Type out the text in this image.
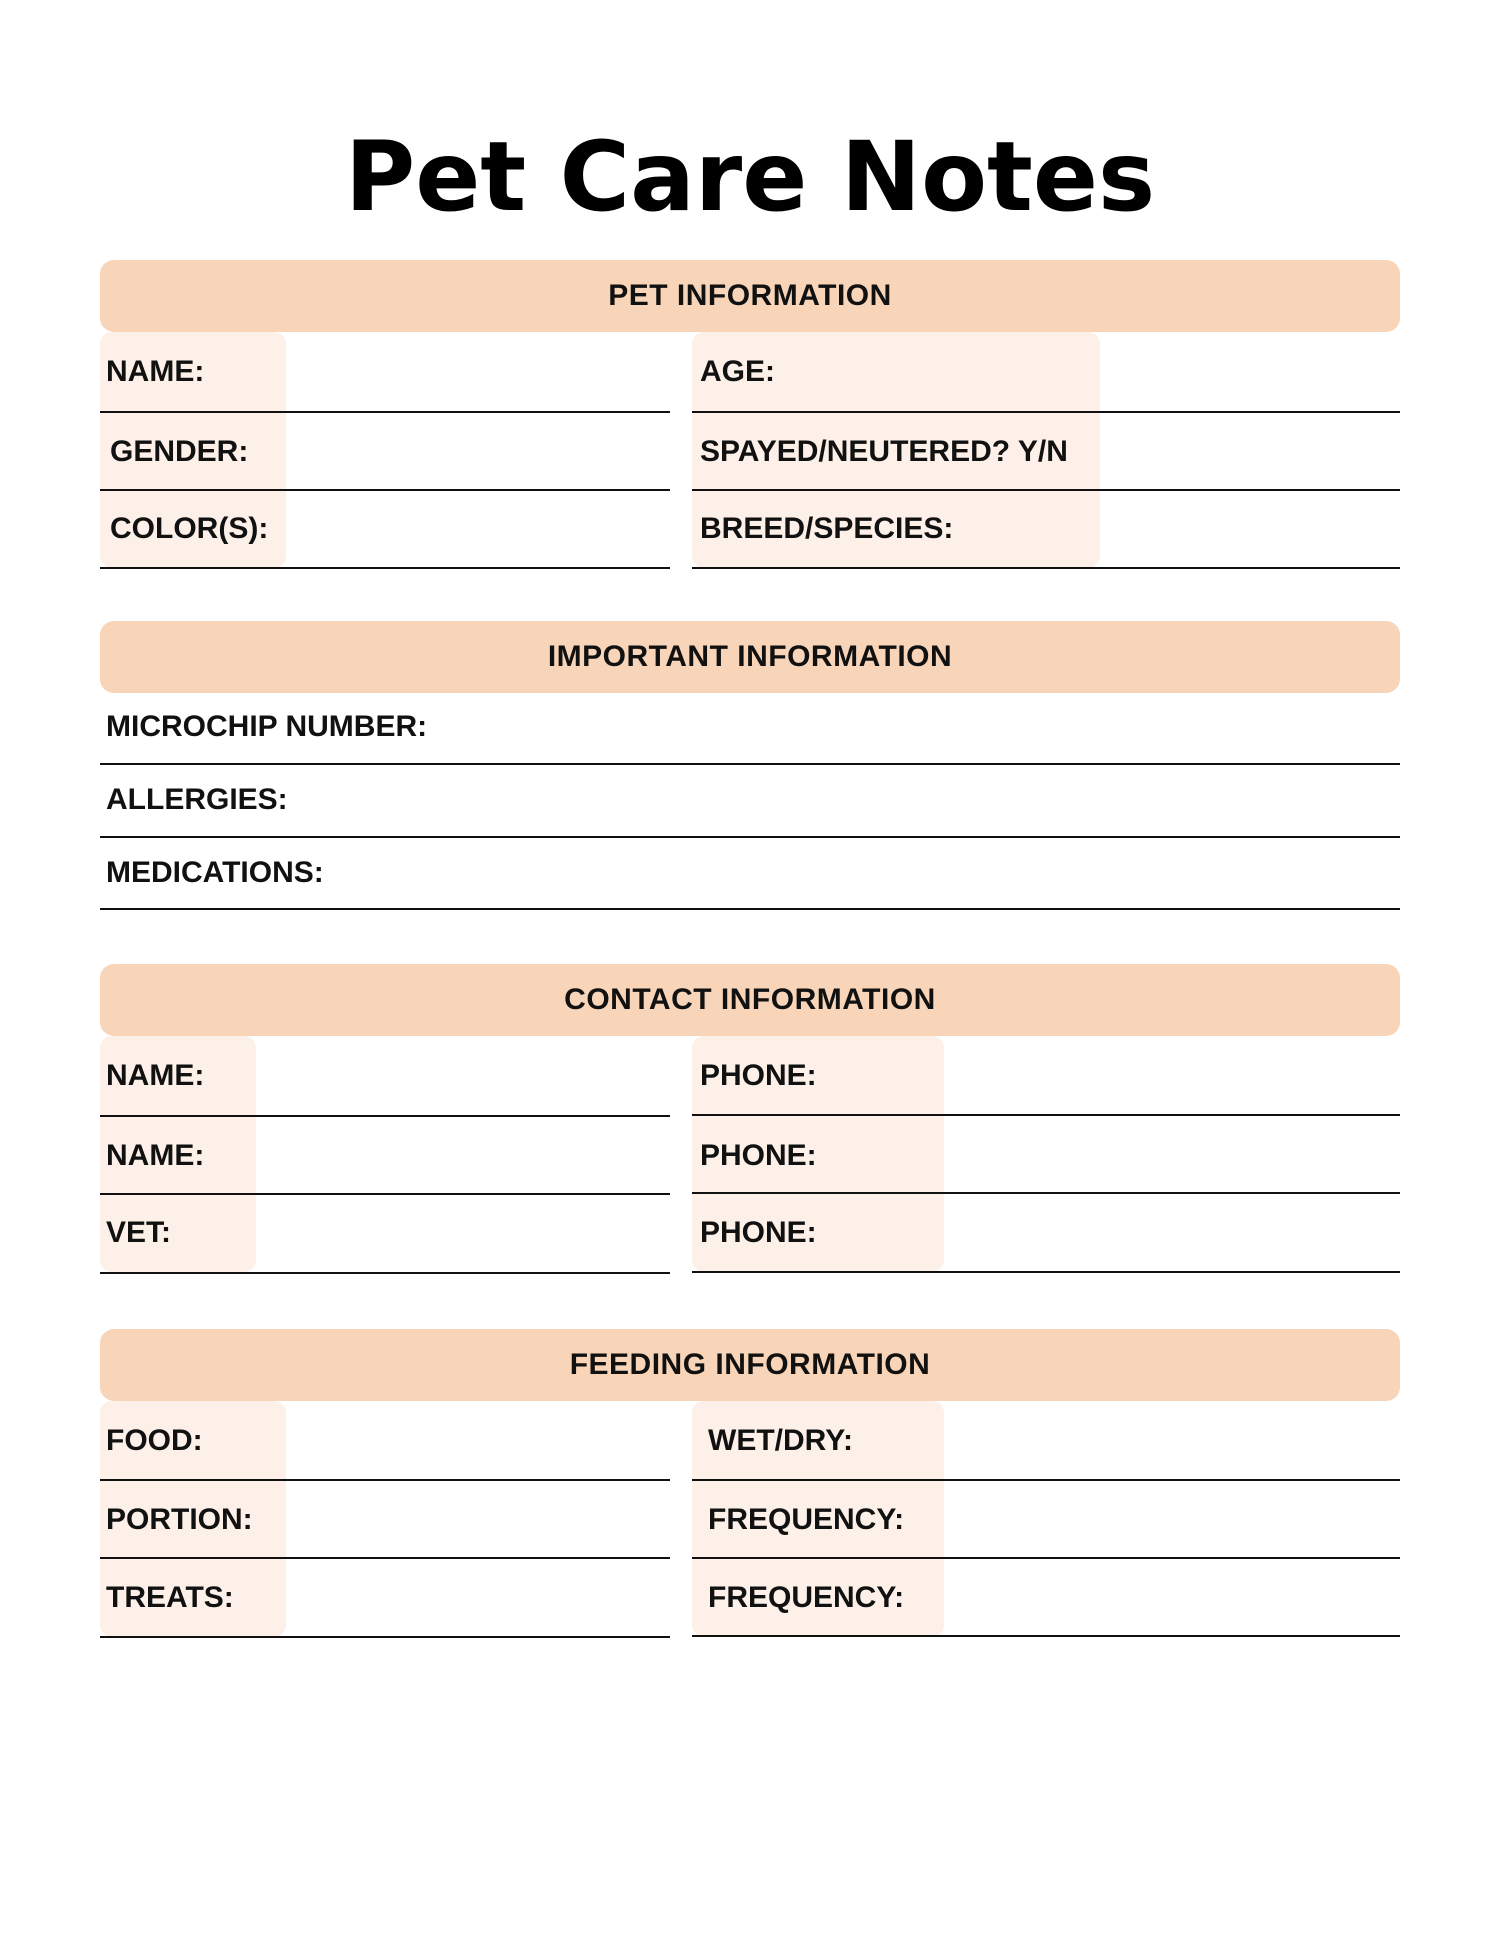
Pet Care Notes
PET INFORMATION
NAME:	AGE:
GENDER:	SPAYED/NEUTERED? Y/N
COLOR(S):	BREED/SPECIES:
IMPORTANT INFORMATION
MICROCHIP NUMBER:
ALLERGIES:
MEDICATIONS:
CONTACT INFORMATION
NAME:	PHONE:
NAME:	PHONE:
VET:	PHONE:
FEEDING INFORMATION
FOOD:	WET/DRY:
PORTION:	FREQUENCY:
TREATS:	FREQUENCY:
